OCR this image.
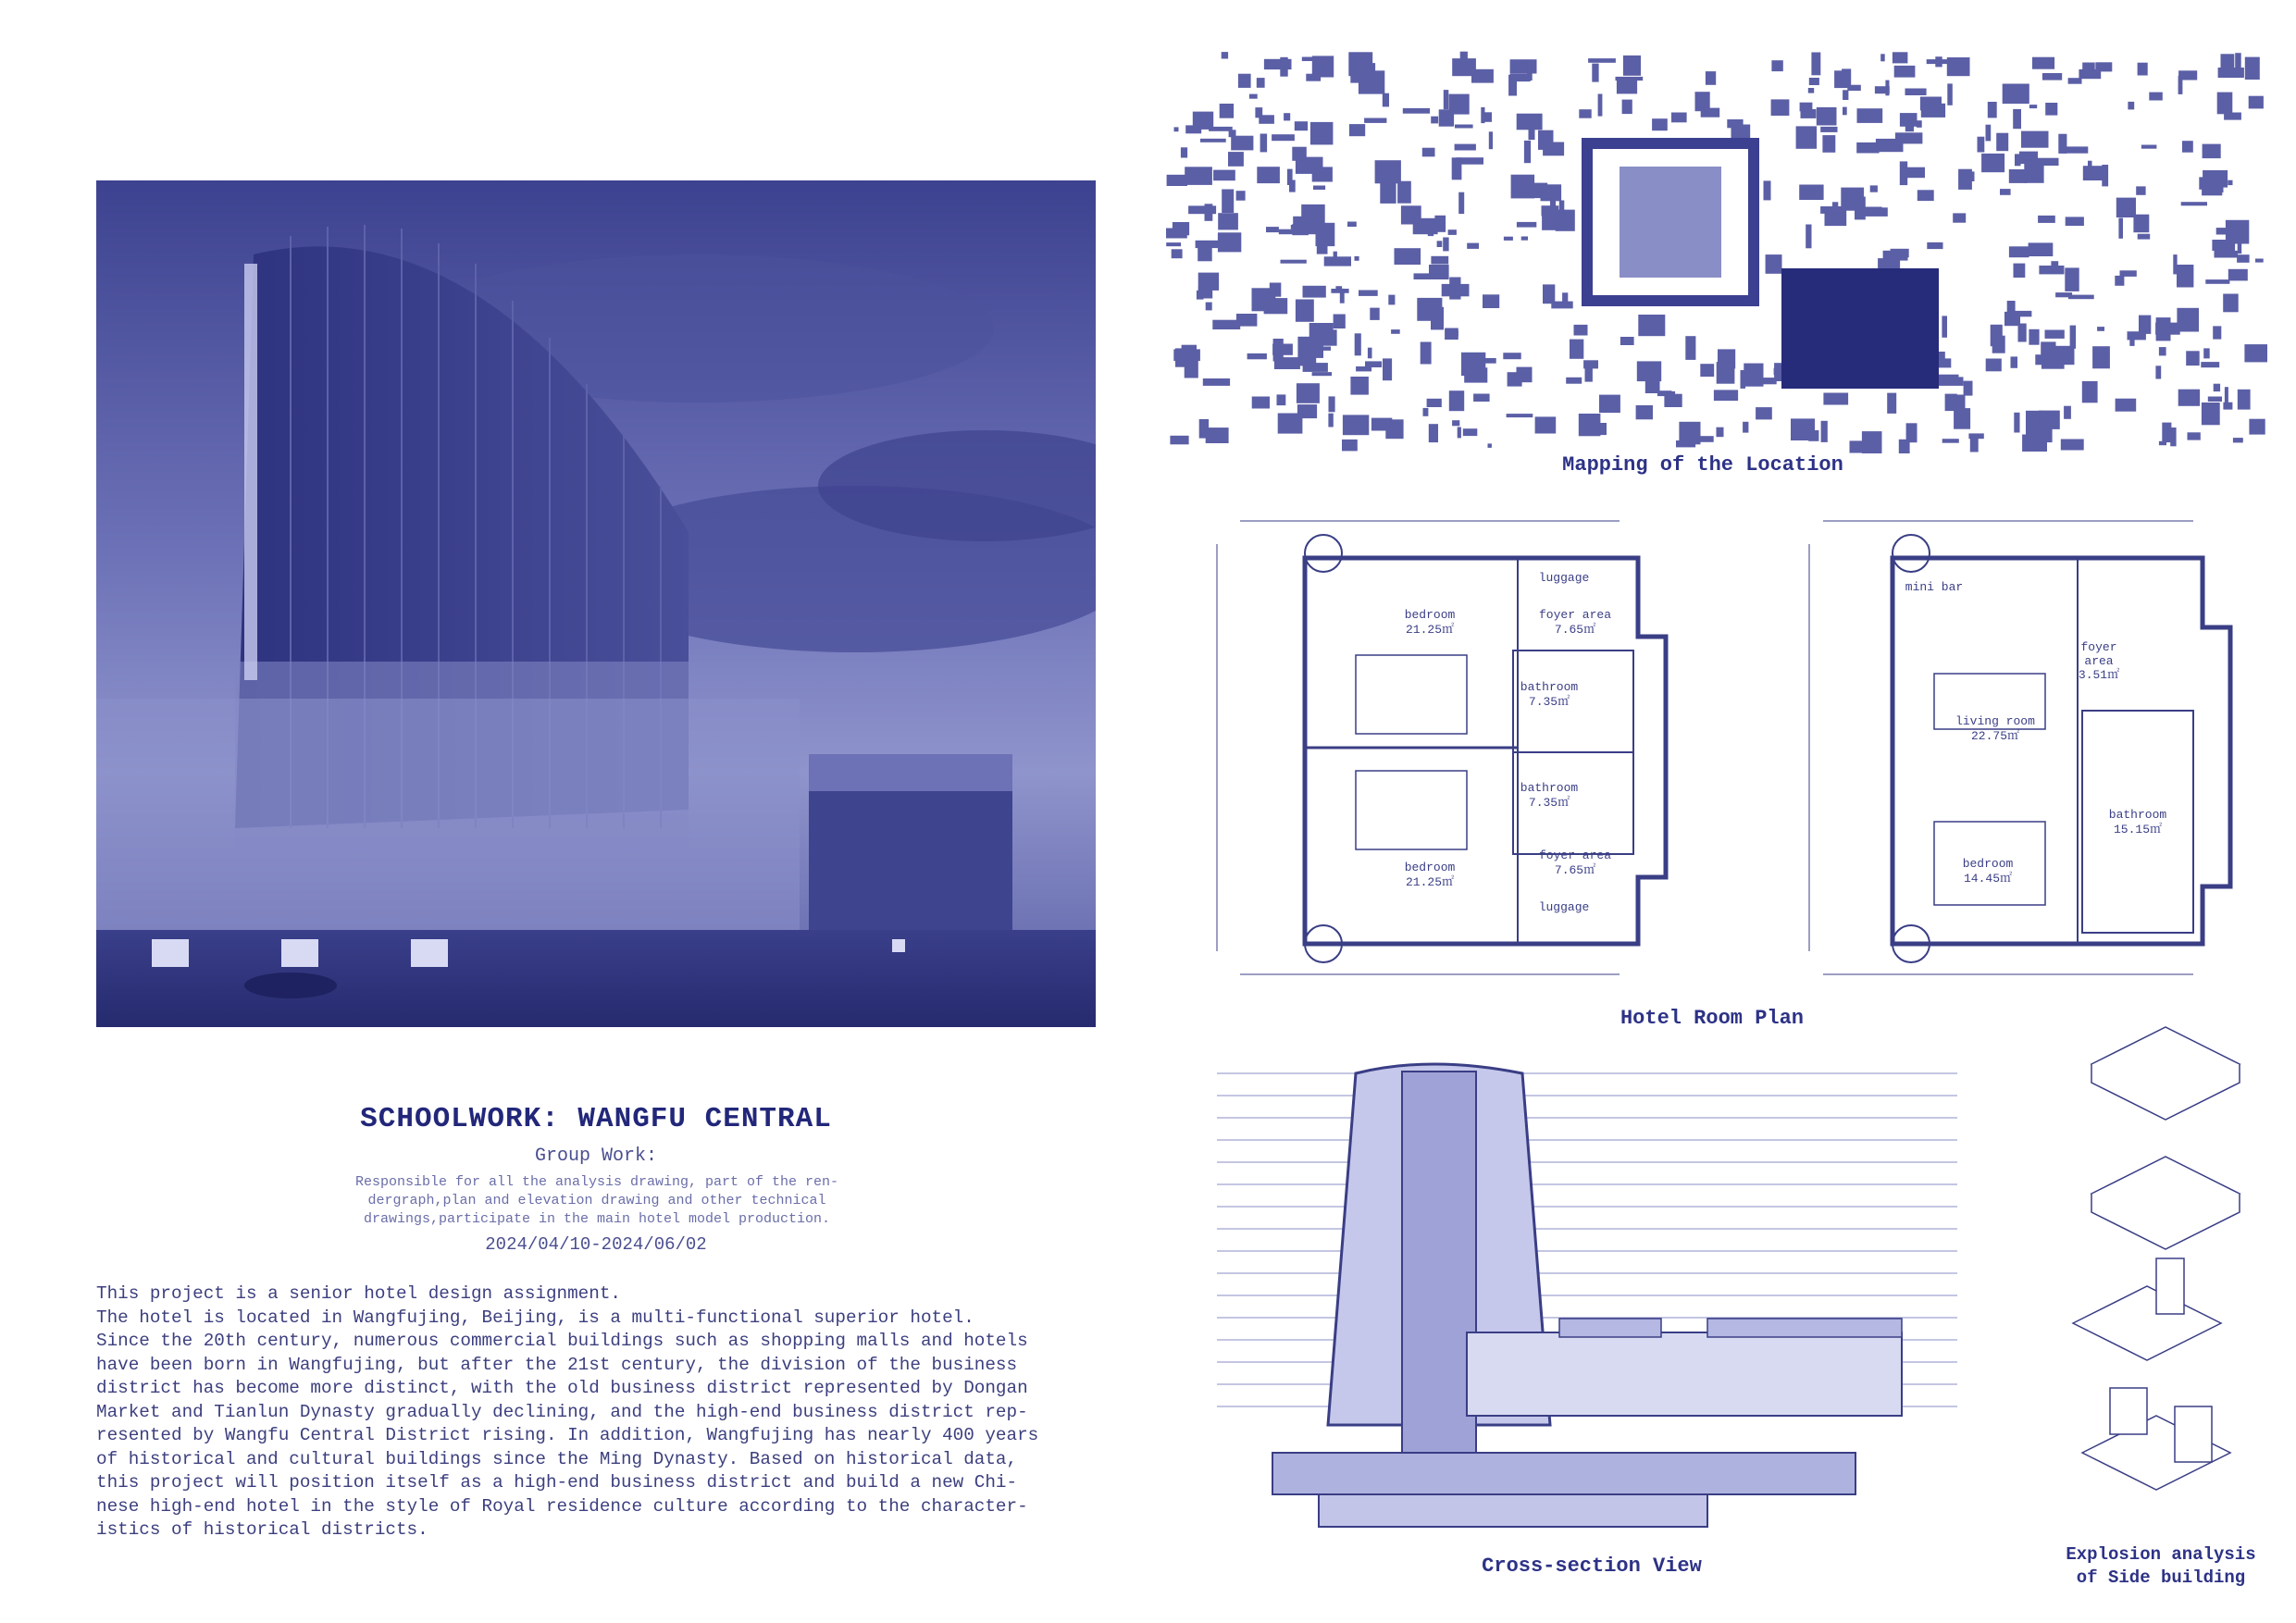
SCHOOLWORK: WANGFU CENTRAL
Group Work:
Responsible for all the analysis drawing, part of the ren-
dergraph,plan and elevation drawing and other technical
drawings,participate in the main hotel model production.
2024/04/10-2024/06/02
This project is a senior hotel design assignment.
The hotel is located in Wangfujing, Beijing, is a multi-functional superior hotel.
Since the 20th century, numerous commercial buildings such as shopping malls and hotels
have been born in Wangfujing, but after the 21st century, the division of the business
district has become more distinct, with the old business district represented by Dongan
Market and Tianlun Dynasty gradually declining, and the high-end business district rep-
resented by Wangfu Central District rising. In addition, Wangfujing has nearly 400 years
of historical and cultural buildings since the Ming Dynasty. Based on historical data,
this project will position itself as a high-end business district and build a new Chi-
nese high-end hotel in the style of Royal residence culture according to the character-
istics of historical districts.
Mapping of the Location
luggage
bedroom
21.25㎡
foyer area
7.65㎡
bathroom
7.35㎡
bathroom
7.35㎡
bedroom
21.25㎡
foyer area
7.65㎡
luggage
mini bar
foyer
area
3.51㎡
living room
22.75㎡
bathroom
15.15㎡
bedroom
14.45㎡
Hotel Room Plan
Cross-section View	Explosion analysis
of Side building
